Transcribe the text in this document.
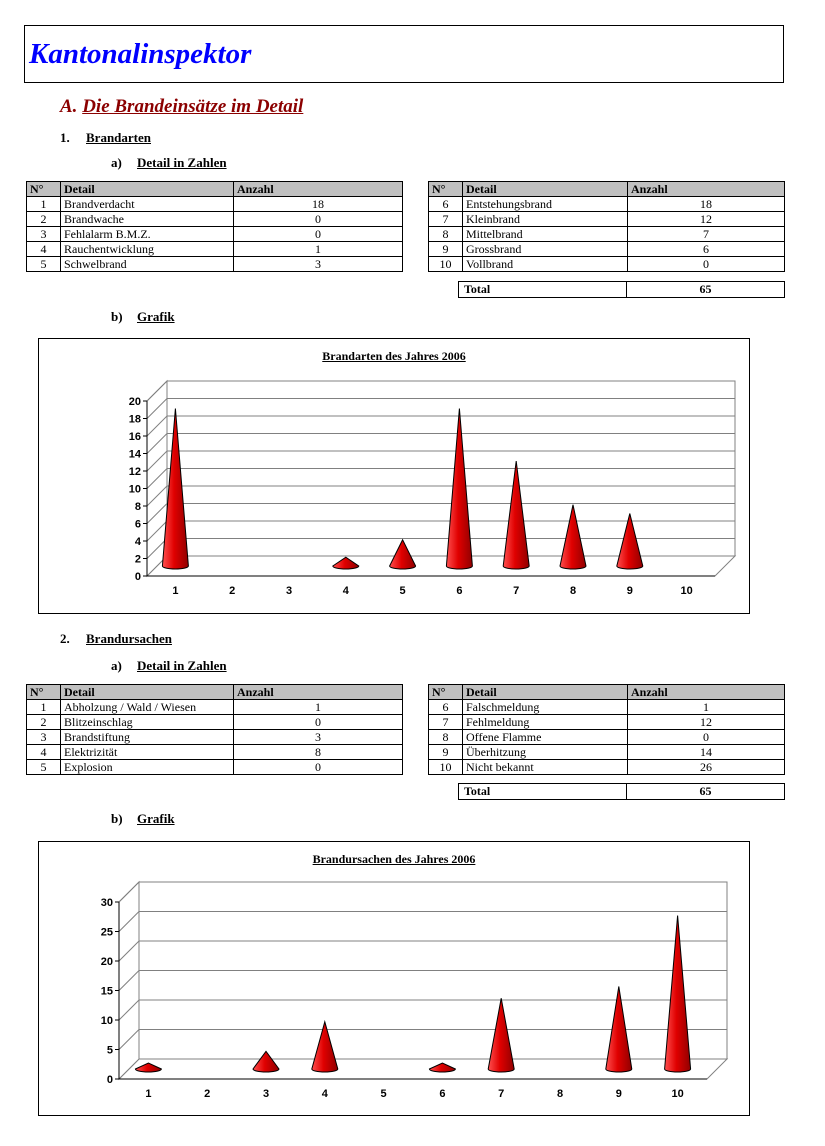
Kantonalinspektor
A. Die Brandeinsätze im Detail
1. Brandarten
a) Detail in Zahlen
N°	Detail	Anzahl
1	Brandverdacht	18
2	Brandwache	0
3	Fehlalarm B.M.Z.	0
4	Rauchentwicklung	1
5	Schwelbrand	3
N°	Detail	Anzahl
6	Entstehungsbrand	18
7	Kleinbrand	12
8	Mittelbrand	7
9	Grossbrand	6
10	Vollbrand	0
Total	65
b) Grafik
Brandarten des Jahres 2006
0
2
4
6
8
10
12
14
16
18
20
1	2	3	4	5	6	7	8	9	10
2. Brandursachen
a) Detail in Zahlen
N°	Detail	Anzahl
1	Abholzung / Wald / Wiesen	1
2	Blitzeinschlag	0
3	Brandstiftung	3
4	Elektrizität	8
5	Explosion	0
N°	Detail	Anzahl
6	Falschmeldung	1
7	Fehlmeldung	12
8	Offene Flamme	0
9	Überhitzung	14
10	Nicht bekannt	26
Total	65
b) Grafik
Brandursachen des Jahres 2006
0
5
10
15
20
25
30
1	2	3	4	5	6	7	8	9	10
